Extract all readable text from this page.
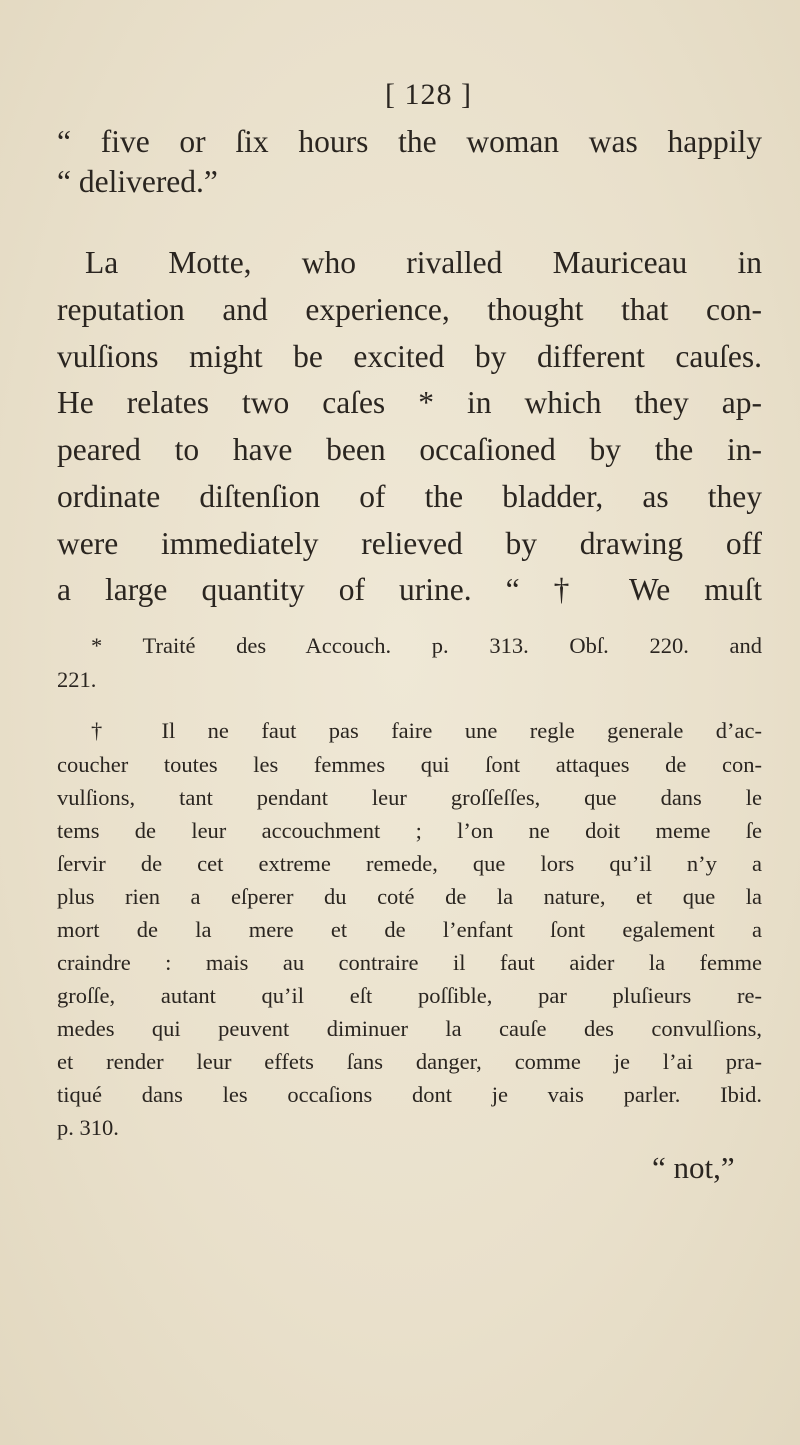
[ 128 ]
“ five or ſix hours the woman was happily
“ delivered.”
La Motte, who rivalled Mauriceau in
reputation and experience, thought that con-
vulſions might be excited by different cauſes.
He relates two caſes * in which they ap-
peared to have been occaſioned by the in-
ordinate diſtenſion of the bladder, as they
were immediately relieved by drawing off
a large quantity of urine. “ † We muſt
* Traité des Accouch. p. 313. Obſ. 220. and
221.
† Il ne faut pas faire une regle generale d’ac-
coucher toutes les femmes qui ſont attaques de con-
vulſions, tant pendant leur groſſeſſes, que dans le
tems de leur accouchment ; l’on ne doit meme ſe
ſervir de cet extreme remede, que lors qu’il n’y a
plus rien a eſperer du coté de la nature, et que la
mort de la mere et de l’enfant ſont egalement a
craindre : mais au contraire il faut aider la femme
groſſe, autant qu’il eſt poſſible, par pluſieurs re-
medes qui peuvent diminuer la cauſe des convulſions,
et render leur effets ſans danger, comme je l’ai pra-
tiqué dans les occaſions dont je vais parler. Ibid.
p. 310.
“ not,”
